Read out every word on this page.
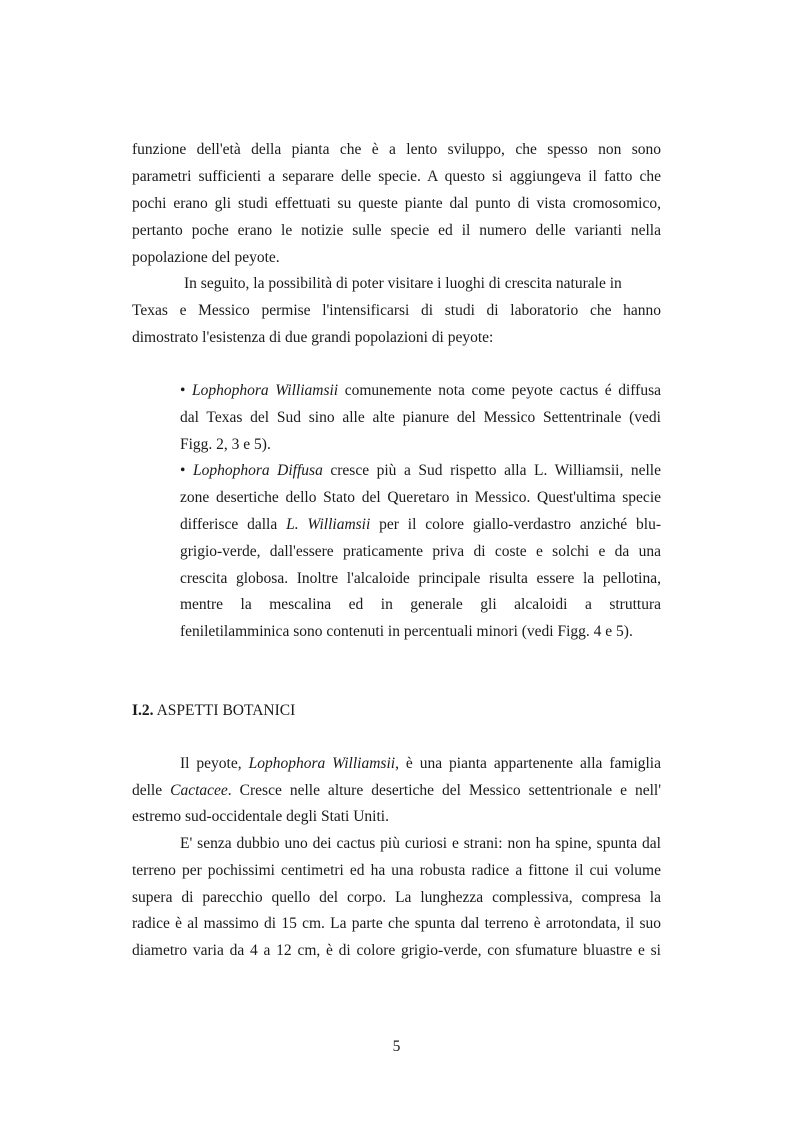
funzione dell'età della pianta che è a lento sviluppo, che spesso non sono
parametri sufficienti a separare delle specie. A questo si aggiungeva il fatto che
pochi erano gli studi effettuati su queste piante dal punto di vista cromosomico,
pertanto poche erano le notizie sulle specie ed il numero delle varianti nella
popolazione del peyote.
In seguito, la possibilità di poter visitare i luoghi di crescita naturale in
Texas e Messico permise l'intensificarsi di studi di laboratorio che hanno
dimostrato l'esistenza di due grandi popolazioni di peyote:
• Lophophora Williamsii comunemente nota come peyote cactus é diffusa
dal Texas del Sud sino alle alte pianure del Messico Settentrinale (vedi
Figg. 2, 3 e 5).
• Lophophora Diffusa cresce più a Sud rispetto alla L. Williamsii, nelle
zone desertiche dello Stato del Queretaro in Messico. Quest'ultima specie
differisce dalla L. Williamsii per il colore giallo-verdastro anziché blu-
grigio-verde, dall'essere praticamente priva di coste e solchi e da una
crescita globosa. Inoltre l'alcaloide principale risulta essere la pellotina,
mentre la mescalina ed in generale gli alcaloidi a struttura
feniletilamminica sono contenuti in percentuali minori (vedi Figg. 4 e 5).
I.2. ASPETTI BOTANICI
Il peyote, Lophophora Williamsii, è una pianta appartenente alla famiglia
delle Cactacee. Cresce nelle alture desertiche del Messico settentrionale e nell'
estremo sud-occidentale degli Stati Uniti.
E' senza dubbio uno dei cactus più curiosi e strani: non ha spine, spunta dal
terreno per pochissimi centimetri ed ha una robusta radice a fittone il cui volume
supera di parecchio quello del corpo. La lunghezza complessiva, compresa la
radice è al massimo di 15 cm. La parte che spunta dal terreno è arrotondata, il suo
diametro varia da 4 a 12 cm, è di colore grigio-verde, con sfumature bluastre e si
5
